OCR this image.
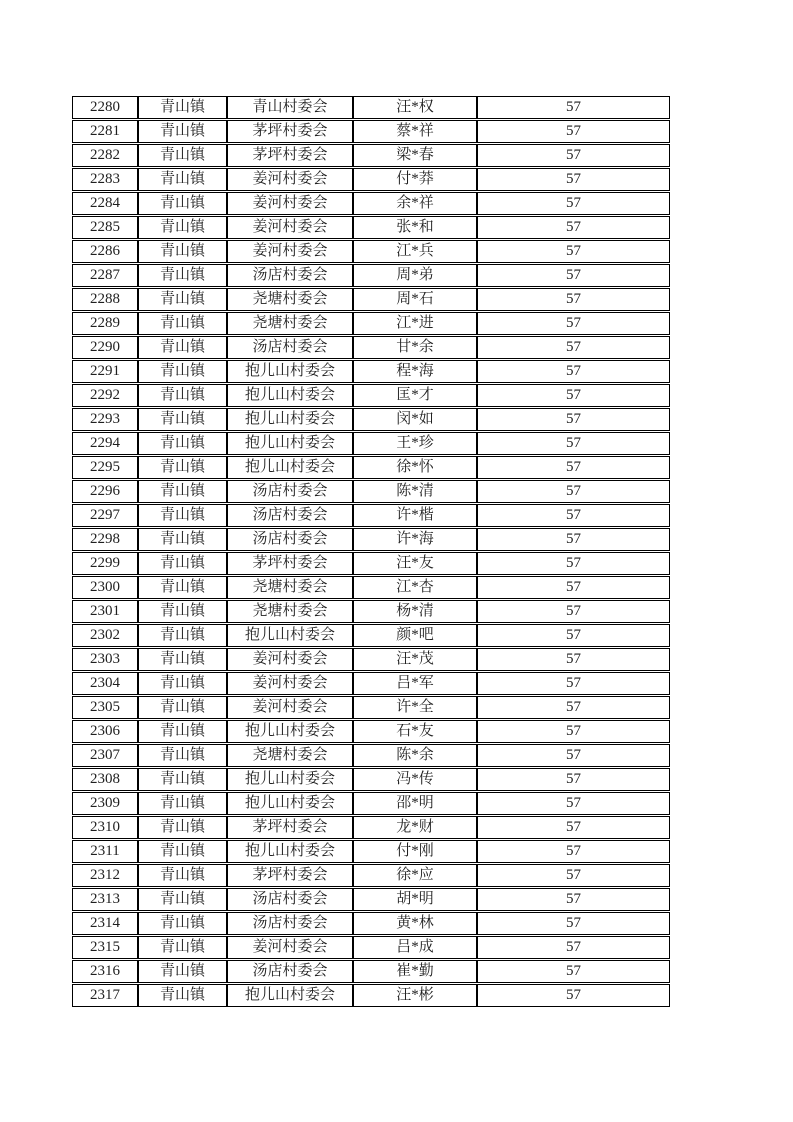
2280	青山镇	青山村委会	汪*权	57
2281	青山镇	茅坪村委会	蔡*祥	57
2282	青山镇	茅坪村委会	梁*春	57
2283	青山镇	姜河村委会	付*莽	57
2284	青山镇	姜河村委会	余*祥	57
2285	青山镇	姜河村委会	张*和	57
2286	青山镇	姜河村委会	江*兵	57
2287	青山镇	汤店村委会	周*弟	57
2288	青山镇	尧塘村委会	周*石	57
2289	青山镇	尧塘村委会	江*进	57
2290	青山镇	汤店村委会	甘*余	57
2291	青山镇	抱儿山村委会	程*海	57
2292	青山镇	抱儿山村委会	匡*才	57
2293	青山镇	抱儿山村委会	闵*如	57
2294	青山镇	抱儿山村委会	王*珍	57
2295	青山镇	抱儿山村委会	徐*怀	57
2296	青山镇	汤店村委会	陈*清	57
2297	青山镇	汤店村委会	许*楷	57
2298	青山镇	汤店村委会	许*海	57
2299	青山镇	茅坪村委会	汪*友	57
2300	青山镇	尧塘村委会	江*杏	57
2301	青山镇	尧塘村委会	杨*清	57
2302	青山镇	抱儿山村委会	颜*吧	57
2303	青山镇	姜河村委会	汪*茂	57
2304	青山镇	姜河村委会	吕*军	57
2305	青山镇	姜河村委会	许*全	57
2306	青山镇	抱儿山村委会	石*友	57
2307	青山镇	尧塘村委会	陈*余	57
2308	青山镇	抱儿山村委会	冯*传	57
2309	青山镇	抱儿山村委会	邵*明	57
2310	青山镇	茅坪村委会	龙*财	57
2311	青山镇	抱儿山村委会	付*刚	57
2312	青山镇	茅坪村委会	徐*应	57
2313	青山镇	汤店村委会	胡*明	57
2314	青山镇	汤店村委会	黄*林	57
2315	青山镇	姜河村委会	吕*成	57
2316	青山镇	汤店村委会	崔*勤	57
2317	青山镇	抱儿山村委会	汪*彬	57
